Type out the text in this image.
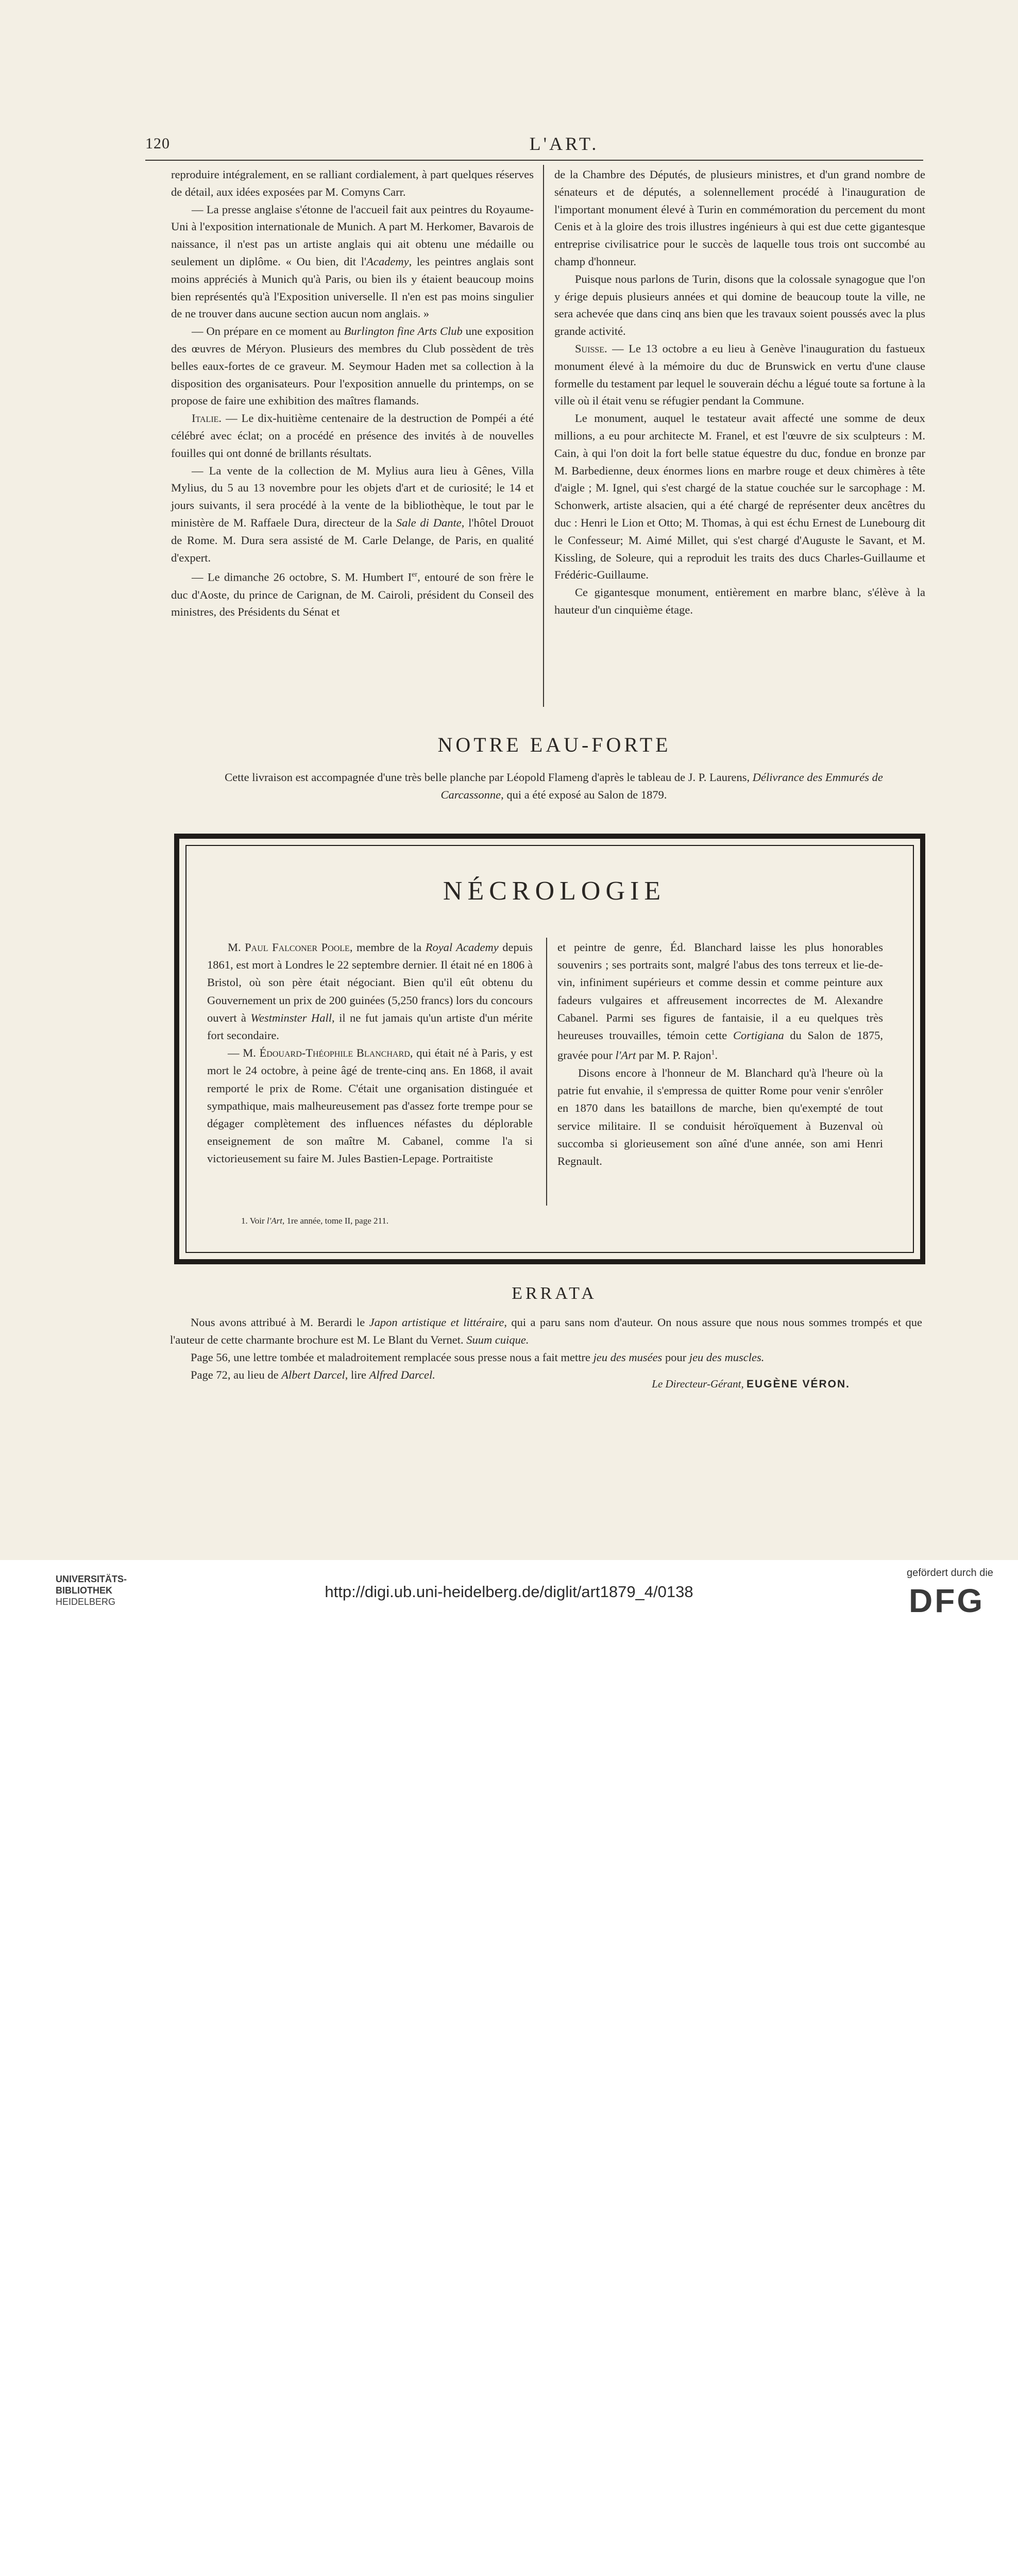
120	L'ART.

reproduire intégralement, en se ralliant cordialement, à part quelques réserves de détail, aux idées exposées par M. Comyns Carr.

— La presse anglaise s'étonne de l'accueil fait aux peintres du Royaume-Uni à l'exposition internationale de Munich. A part M. Herkomer, Bavarois de naissance, il n'est pas un artiste anglais qui ait obtenu une médaille ou seulement un diplôme. « Ou bien, dit l'Academy, les peintres anglais sont moins appréciés à Munich qu'à Paris, ou bien ils y étaient beaucoup moins bien représentés qu'à l'Exposition universelle. Il n'en est pas moins singulier de ne trouver dans aucune section aucun nom anglais. »

— On prépare en ce moment au Burlington fine Arts Club une exposition des œuvres de Méryon. Plusieurs des membres du Club possèdent de très belles eaux-fortes de ce graveur. M. Seymour Haden met sa collection à la disposition des organisateurs. Pour l'exposition annuelle du printemps, on se propose de faire une exhibition des maîtres flamands.

Italie. — Le dix-huitième centenaire de la destruction de Pompéi a été célébré avec éclat; on a procédé en présence des invités à de nouvelles fouilles qui ont donné de brillants résultats.

— La vente de la collection de M. Mylius aura lieu à Gênes, Villa Mylius, du 5 au 13 novembre pour les objets d'art et de curiosité; le 14 et jours suivants, il sera procédé à la vente de la bibliothèque, le tout par le ministère de M. Raffaele Dura, directeur de la Sale di Dante, l'hôtel Drouot de Rome. M. Dura sera assisté de M. Carle Delange, de Paris, en qualité d'expert.

— Le dimanche 26 octobre, S. M. Humbert Ier, entouré de son frère le duc d'Aoste, du prince de Carignan, de M. Cairoli, président du Conseil des ministres, des Présidents du Sénat et

de la Chambre des Députés, de plusieurs ministres, et d'un grand nombre de sénateurs et de députés, a solennellement procédé à l'inauguration de l'important monument élevé à Turin en commémoration du percement du mont Cenis et à la gloire des trois illustres ingénieurs à qui est due cette gigantesque entreprise civilisatrice pour le succès de laquelle tous trois ont succombé au champ d'honneur.

Puisque nous parlons de Turin, disons que la colossale synagogue que l'on y érige depuis plusieurs années et qui domine de beaucoup toute la ville, ne sera achevée que dans cinq ans bien que les travaux soient poussés avec la plus grande activité.

Suisse. — Le 13 octobre a eu lieu à Genève l'inauguration du fastueux monument élevé à la mémoire du duc de Brunswick en vertu d'une clause formelle du testament par lequel le souverain déchu a légué toute sa fortune à la ville où il était venu se réfugier pendant la Commune.

Le monument, auquel le testateur avait affecté une somme de deux millions, a eu pour architecte M. Franel, et est l'œuvre de six sculpteurs : M. Cain, à qui l'on doit la fort belle statue équestre du duc, fondue en bronze par M. Barbedienne, deux énormes lions en marbre rouge et deux chimères à tête d'aigle ; M. Ignel, qui s'est chargé de la statue couchée sur le sarcophage : M. Schonwerk, artiste alsacien, qui a été chargé de représenter deux ancêtres du duc : Henri le Lion et Otto; M. Thomas, à qui est échu Ernest de Lunebourg dit le Confesseur; M. Aimé Millet, qui s'est chargé d'Auguste le Savant, et M. Kissling, de Soleure, qui a reproduit les traits des ducs Charles-Guillaume et Frédéric-Guillaume.

Ce gigantesque monument, entièrement en marbre blanc, s'élève à la hauteur d'un cinquième étage.

NOTRE EAU-FORTE
Cette livraison est accompagnée d'une très belle planche par Léopold Flameng d'après le tableau de J. P. Laurens, Délivrance des Emmurés de Carcassonne, qui a été exposé au Salon de 1879.
NÉCROLOGIE

M. Paul Falconer Poole, membre de la Royal Academy depuis 1861, est mort à Londres le 22 septembre dernier. Il était né en 1806 à Bristol, où son père était négociant. Bien qu'il eût obtenu du Gouvernement un prix de 200 guinées (5,250 francs) lors du concours ouvert à Westminster Hall, il ne fut jamais qu'un artiste d'un mérite fort secondaire.

— M. Édouard-Théophile Blanchard, qui était né à Paris, y est mort le 24 octobre, à peine âgé de trente-cinq ans. En 1868, il avait remporté le prix de Rome. C'était une organisation distinguée et sympathique, mais malheureusement pas d'assez forte trempe pour se dégager complètement des influences néfastes du déplorable enseignement de son maître M. Cabanel, comme l'a si victorieusement su faire M. Jules Bastien-Lepage. Portraitiste

et peintre de genre, Éd. Blanchard laisse les plus honorables souvenirs ; ses portraits sont, malgré l'abus des tons terreux et lie-de-vin, infiniment supérieurs et comme dessin et comme peinture aux fadeurs vulgaires et affreusement incorrectes de M. Alexandre Cabanel. Parmi ses figures de fantaisie, il a eu quelques très heureuses trouvailles, témoin cette Cortigiana du Salon de 1875, gravée pour l'Art par M. P. Rajon$^1$.

Disons encore à l'honneur de M. Blanchard qu'à l'heure où la patrie fut envahie, il s'empressa de quitter Rome pour venir s'enrôler en 1870 dans les bataillons de marche, bien qu'exempté de tout service militaire. Il se conduisit héroïquement à Buzenval où succomba si glorieusement son aîné d'une année, son ami Henri Regnault.

1. Voir l'Art, 1re année, tome II, page 211.
ERRATA

Nous avons attribué à M. Berardi le Japon artistique et littéraire, qui a paru sans nom d'auteur. On nous assure que nous nous sommes trompés et que l'auteur de cette charmante brochure est M. Le Blant du Vernet. Suum cuique.

Page 56, une lettre tombée et maladroitement remplacée sous presse nous a fait mettre jeu des musées pour jeu des muscles.

Page 72, au lieu de Albert Darcel, lire Alfred Darcel.

Le Directeur-Gérant, EUGÈNE VÉRON.
UNIVERSITÄTS-
BIBLIOTHEK
HEIDELBERG
http://digi.ub.uni-heidelberg.de/diglit/art1879_4/0138
gefördert durch die
DFG
